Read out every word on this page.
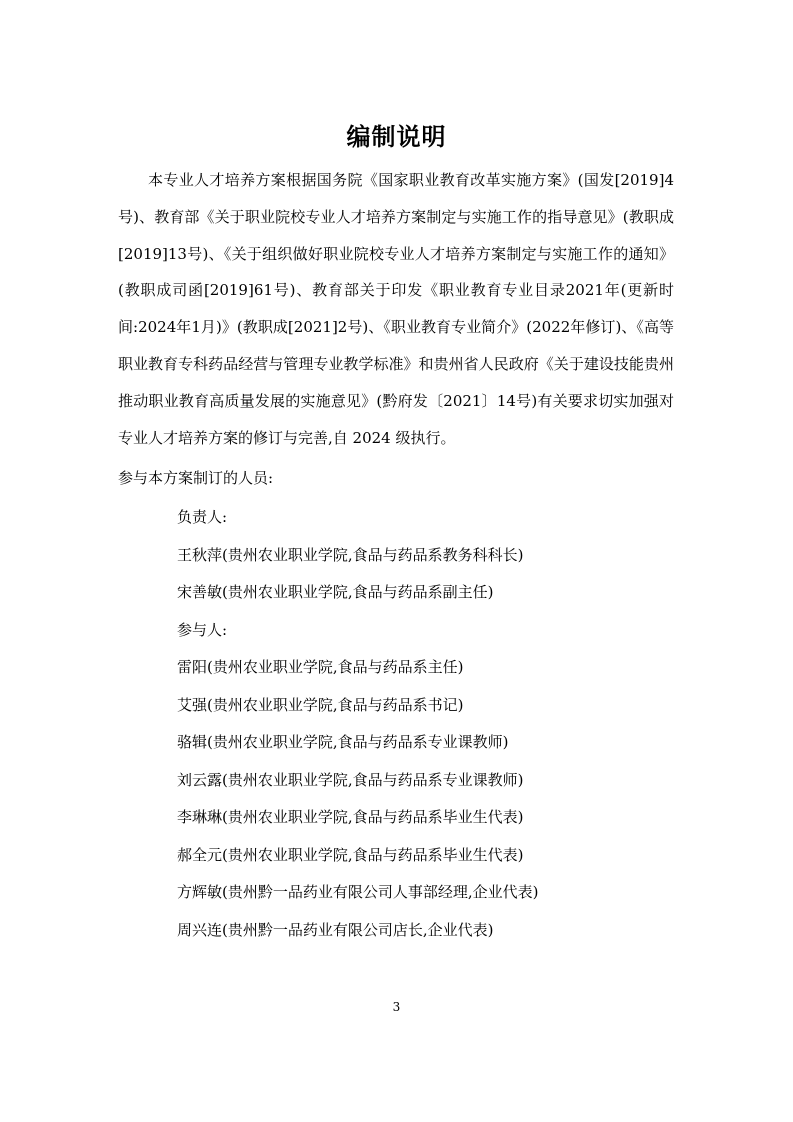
编制说明

本专业人才培养方案根据国务院《国家职业教育改革实施方案》(国发[2019]4号)、教育部《关于职业院校专业人才培养方案制定与实施工作的指导意见》(教职成[2019]13号)、《关于组织做好职业院校专业人才培养方案制定与实施工作的通知》(教职成司函[2019]61号)、教育部关于印发《职业教育专业目录2021年(更新时间:2024年1月)》(教职成[2021]2号)、《职业教育专业简介》(2022年修订)、《高等职业教育专科药品经营与管理专业教学标准》和贵州省人民政府《关于建设技能贵州推动职业教育高质量发展的实施意见》(黔府发〔2021〕14号)有关要求切实加强对专业人才培养方案的修订与完善,自 2024 级执行。

参与本方案制订的人员:
负责人:
王秋萍(贵州农业职业学院,食品与药品系教务科科长)
宋善敏(贵州农业职业学院,食品与药品系副主任)
参与人:
雷阳(贵州农业职业学院,食品与药品系主任)
艾强(贵州农业职业学院,食品与药品系书记)
骆辑(贵州农业职业学院,食品与药品系专业课教师)
刘云露(贵州农业职业学院,食品与药品系专业课教师)
李琳琳(贵州农业职业学院,食品与药品系毕业生代表)
郝全元(贵州农业职业学院,食品与药品系毕业生代表)
方辉敏(贵州黔一品药业有限公司人事部经理,企业代表)
周兴连(贵州黔一品药业有限公司店长,企业代表)
3
